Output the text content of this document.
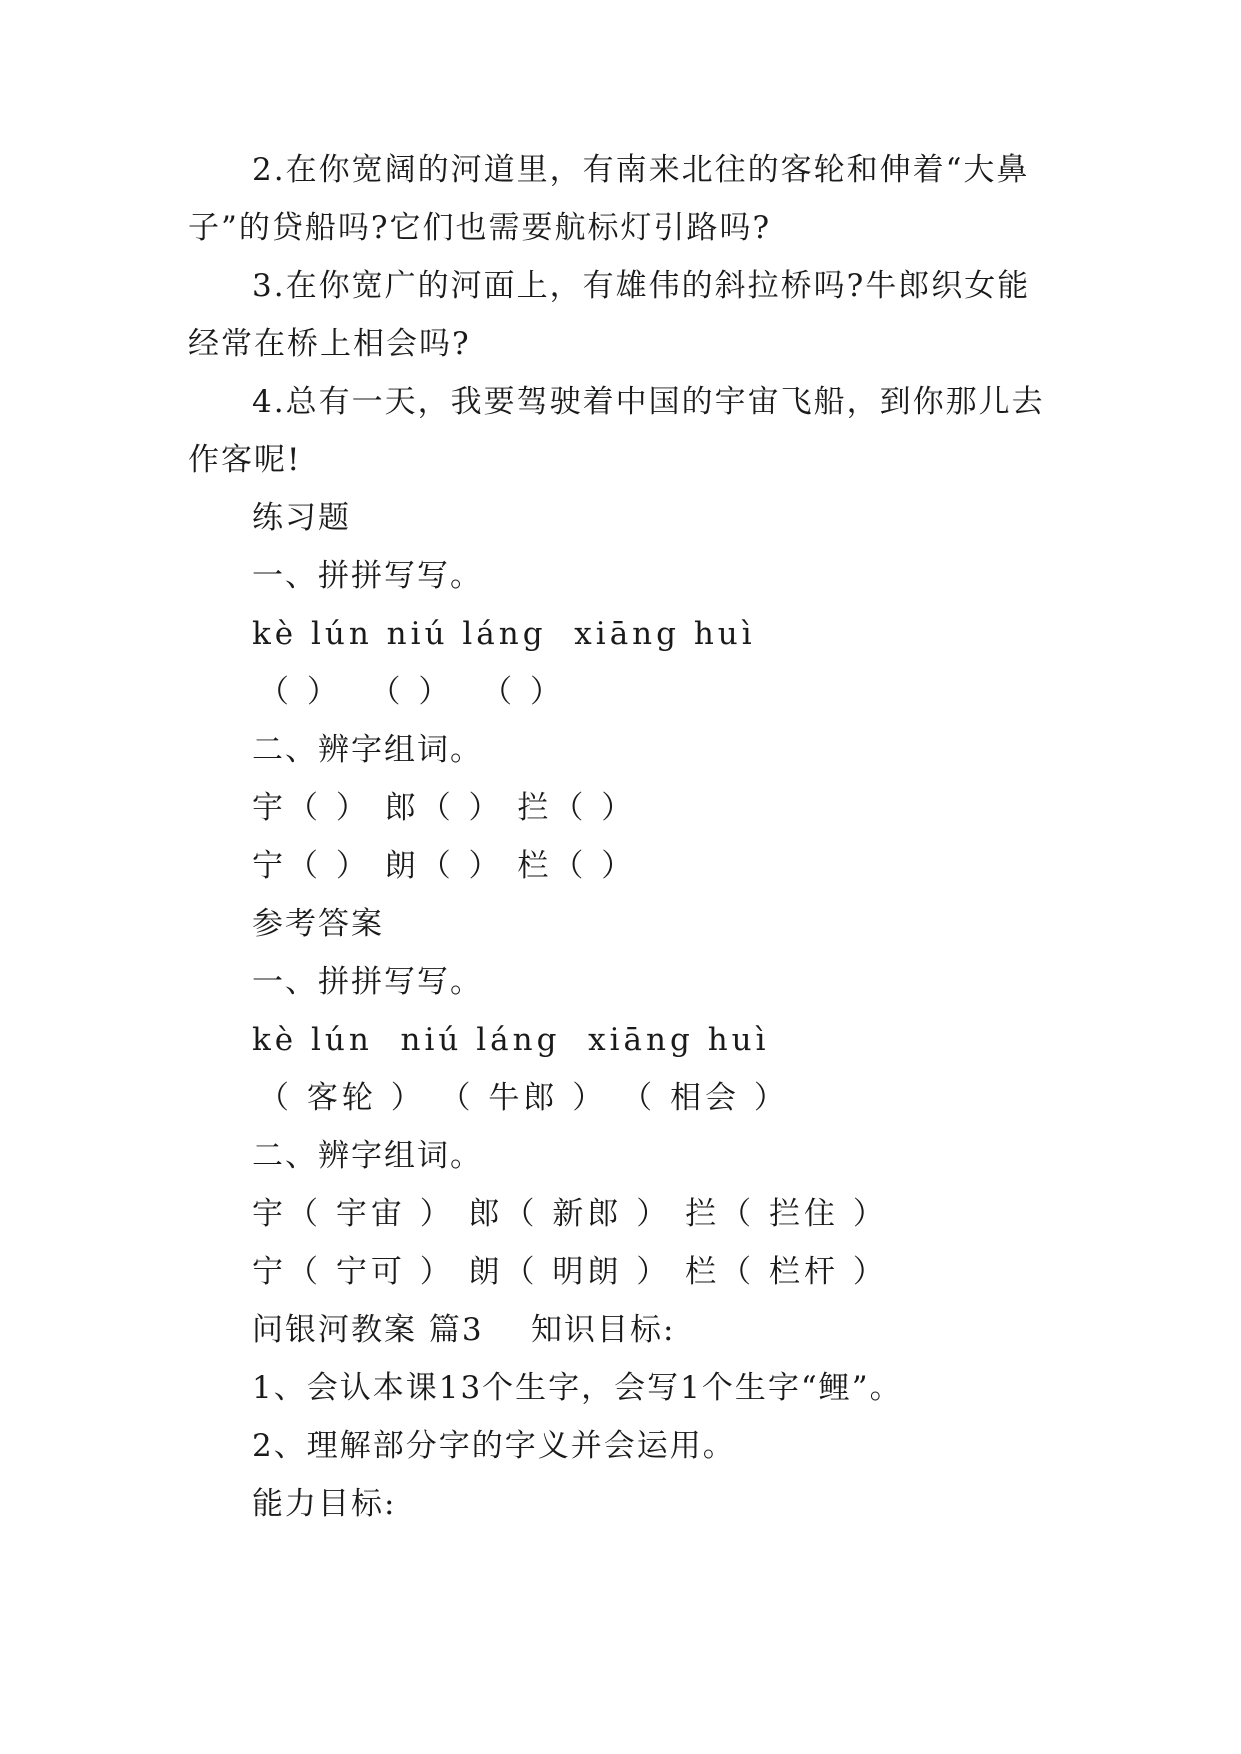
2.在你宽阔的河道里，有南来北往的客轮和伸着“大鼻
子”的贷船吗?它们也需要航标灯引路吗?
3.在你宽广的河面上，有雄伟的斜拉桥吗?牛郎织女能
经常在桥上相会吗?
4.总有一天，我要驾驶着中国的宇宙飞船，到你那儿去
作客呢!
练习题
一、拼拼写写。
kè lún niú láng  xiāng huì
（ ）  （ ）  （ ）
二、辨字组词。
宇（ ） 郎（ ） 拦（ ）
宁（ ） 朗（ ） 栏（ ）
参考答案
一、拼拼写写。
kè lún  niú láng  xiāng huì
（ 客轮 ） （ 牛郎 ） （ 相会 ）
二、辨字组词。
宇（ 宇宙 ） 郎（ 新郎 ） 拦（ 拦住 ）
宁（ 宁可 ） 朗（ 明朗 ） 栏（ 栏杆 ）
问银河教案 篇3    知识目标:
1、会认本课13个生字，会写1个生字“鲤”。
2、理解部分字的字义并会运用。
能力目标:
